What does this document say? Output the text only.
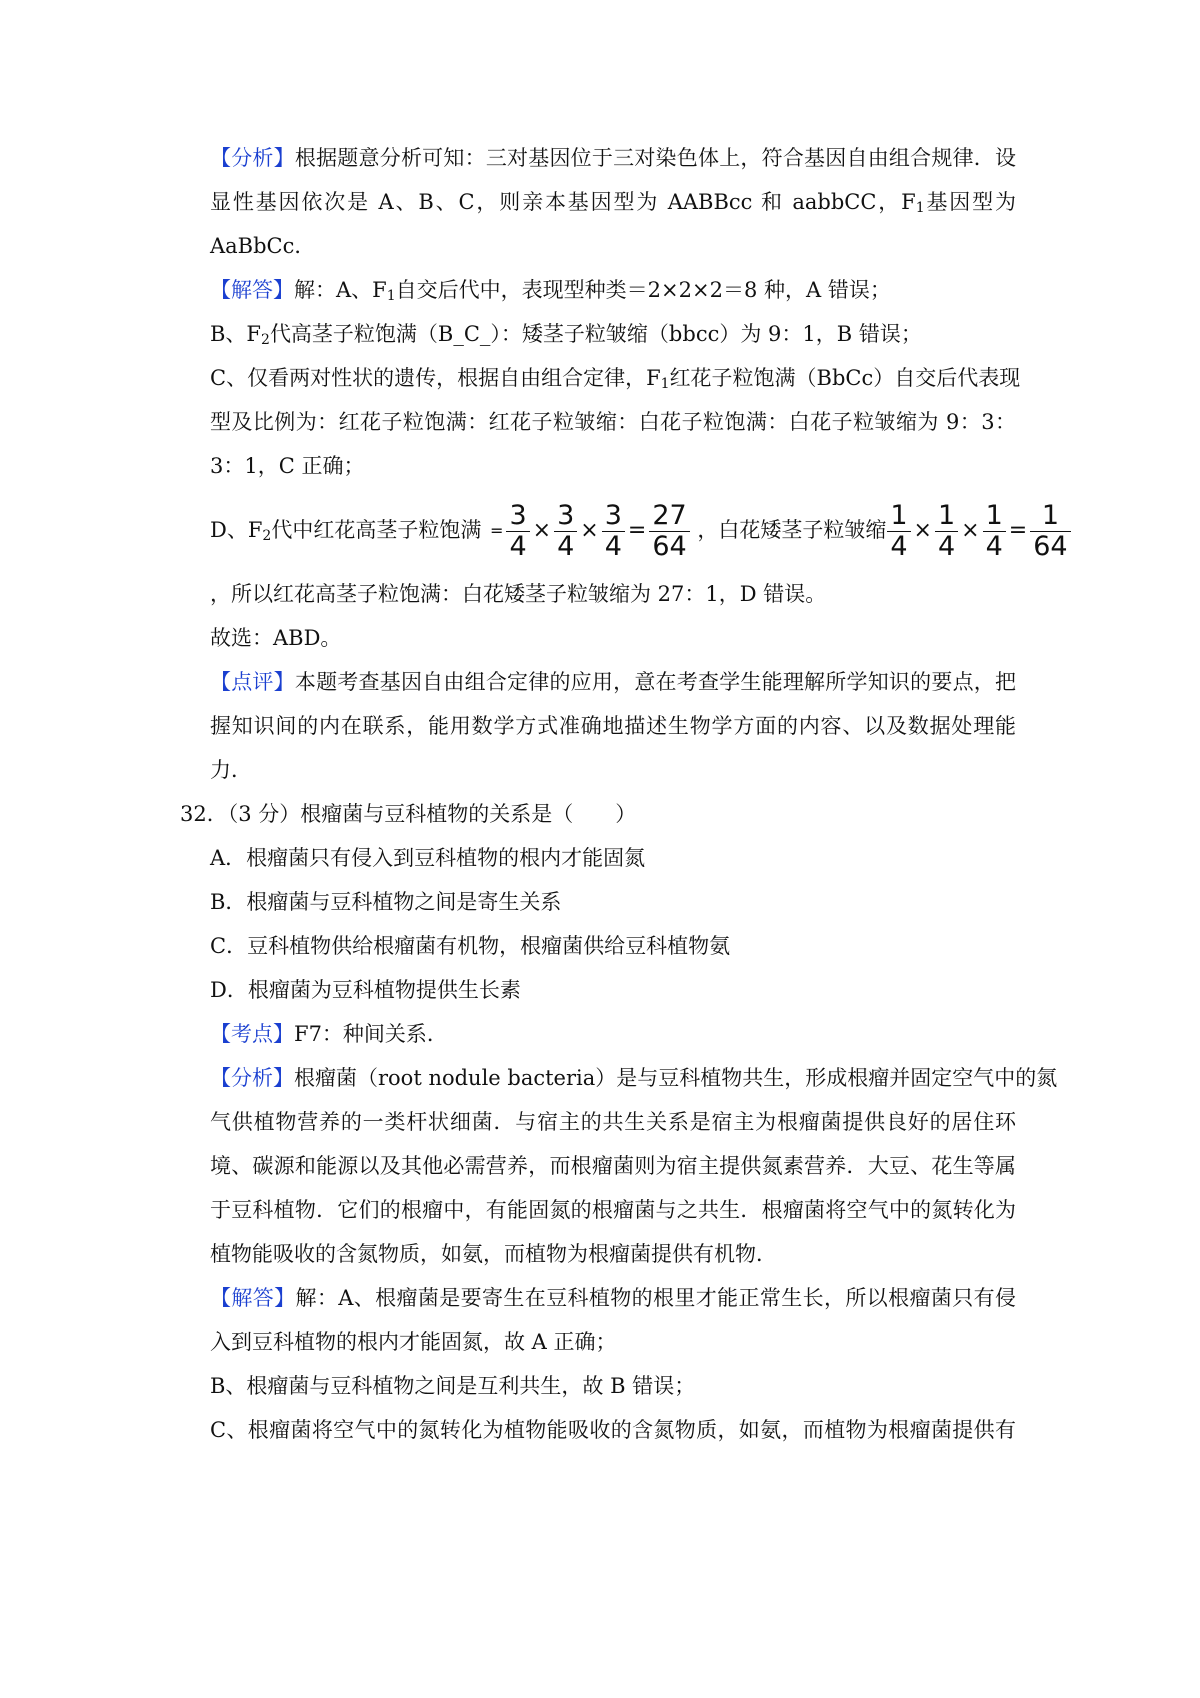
【分析】根据题意分析可知：三对基因位于三对染色体上，符合基因自由组合规律．设
显性基因依次是 A、B、C，则亲本基因型为 AABBcc 和 aabbCC，$F_1$基因型为
AaBbCc．
【解答】解：A、$F_1$自交后代中，表现型种类＝2×2×2＝8 种，A 错误；
B、$F_2$代高茎子粒饱满（B_C_）：矮茎子粒皱缩（bbcc）为 9：1，B 错误；
C、仅看两对性状的遗传，根据自由组合定律，$F_1$红花子粒饱满（BbCc）自交后代表现
型及比例为：红花子粒饱满：红花子粒皱缩：白花子粒饱满：白花子粒皱缩为 9：3：
3：1，C 正确；
D、$F_2$代中红花高茎子粒饱满 = $\frac{3}{4} \times \frac{3}{4} \times \frac{3}{4} = \frac{27}{64}$ ，白花矮茎子粒皱缩 $\frac{1}{4} \times \frac{1}{4} \times \frac{1}{4} = \frac{1}{64}$
，所以红花高茎子粒饱满：白花矮茎子粒皱缩为 27：1，D 错误。
故选：ABD。
【点评】本题考查基因自由组合定律的应用，意在考查学生能理解所学知识的要点，把
握知识间的内在联系，能用数学方式准确地描述生物学方面的内容、以及数据处理能
力．
32．（3 分）根瘤菌与豆科植物的关系是（　　）
A．根瘤菌只有侵入到豆科植物的根内才能固氮
B．根瘤菌与豆科植物之间是寄生关系
C．豆科植物供给根瘤菌有机物，根瘤菌供给豆科植物氨
D．根瘤菌为豆科植物提供生长素
【考点】F7：种间关系．
【分析】根瘤菌（root nodule bacteria）是与豆科植物共生，形成根瘤并固定空气中的氮
气供植物营养的一类杆状细菌．与宿主的共生关系是宿主为根瘤菌提供良好的居住环
境、碳源和能源以及其他必需营养，而根瘤菌则为宿主提供氮素营养．大豆、花生等属
于豆科植物．它们的根瘤中，有能固氮的根瘤菌与之共生．根瘤菌将空气中的氮转化为
植物能吸收的含氮物质，如氨，而植物为根瘤菌提供有机物．
【解答】解：A、根瘤菌是要寄生在豆科植物的根里才能正常生长，所以根瘤菌只有侵
入到豆科植物的根内才能固氮，故 A 正确；
B、根瘤菌与豆科植物之间是互利共生，故 B 错误；
C、根瘤菌将空气中的氮转化为植物能吸收的含氮物质，如氨，而植物为根瘤菌提供有
